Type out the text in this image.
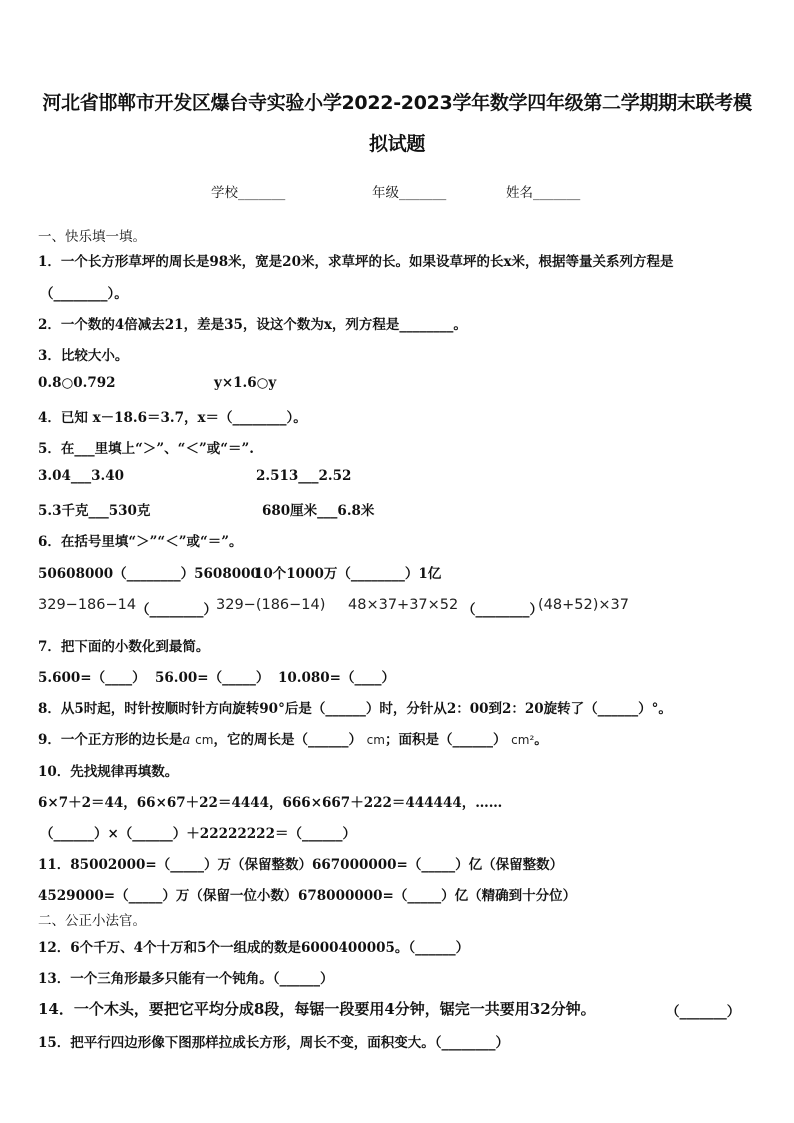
河北省邯郸市开发区爆台寺实验小学2022-2023学年数学四年级第二学期期末联考模
拟试题
学校_______	年级_______	姓名_______
一、快乐填一填。
1．一个长方形草坪的周长是98米，宽是20米，求草坪的长。如果设草坪的长x米，根据等量关系列方程是
（________）。
2．一个数的4倍减去21，差是35，设这个数为x，列方程是________。
3．比较大小。
0.8○0.792	y×1.6○y
4．已知 x－18.6＝3.7，x＝（________）。
5．在___里填上“＞”、“＜”或“＝”.
3.04___3.40	2.513___2.52
5.3千克___530克	680厘米___6.8米
6．在括号里填“＞”“＜”或“＝”。
50608000（________）5608000
10个1000万（________）1亿
329−186−14 （________） 329−(186−14) 48×37+37×52 （________）
(48+52)×37
7．把下面的小数化到最简。
5.600=（____） 56.00=（_____） 10.080=（____）
8．从5时起，时针按顺时针方向旋转90°后是（______）时，分针从2：00到2：20旋转了（______）°。
9．一个正方形的边长是a cm，它的周长是（______） cm；面积是（______） cm²。
10．先找规律再填数。
6×7＋2＝44，66×67＋22＝4444，666×667＋222＝444444，……
（______）×（______）＋22222222＝（______）
11．85002000=（_____）万（保留整数） 667000000=（_____）亿（保留整数）
4529000=（_____）万（保留一位小数） 678000000=（_____）亿（精确到十分位）
二、公正小法官。
12．6个千万、4个十万和5个一组成的数是6000400005。（______）
13．一个三角形最多只能有一个钝角。（______）
14．一个木头，要把它平均分成8段，每锯一段要用4分钟，锯完一共要用32分钟。	（_______）
15．把平行四边形像下图那样拉成长方形，周长不变，面积变大。（________）
